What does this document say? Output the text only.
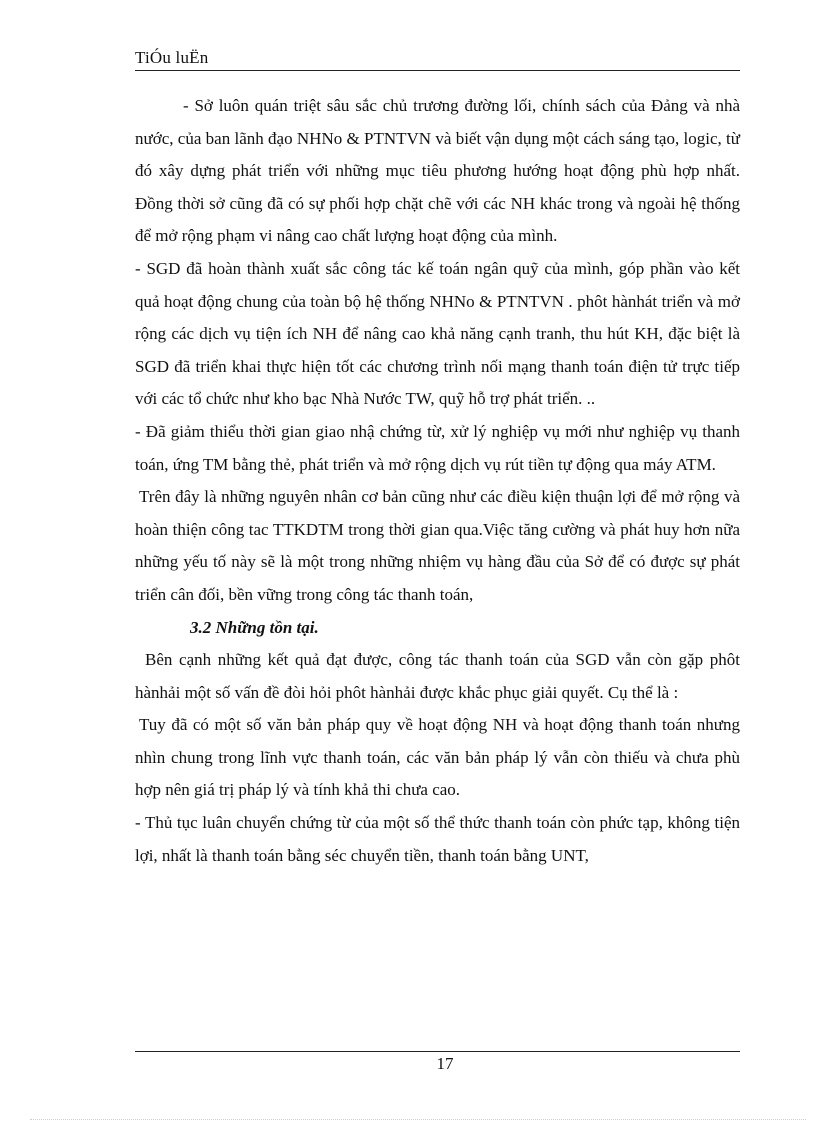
TiÓu luËn

- Sở luôn quán triệt sâu sắc chủ trương đường lối, chính sách của Đảng và nhà nước, của ban lãnh đạo NHNo & PTNTVN và biết vận dụng một cách sáng tạo, logic, từ đó xây dựng phát triển với những mục tiêu phương hướng hoạt động phù hợp nhất. Đồng thời sở cũng đã có sự phối hợp chặt chẽ với các NH khác trong và ngoài hệ thống để mở rộng phạm vi nâng cao chất lượng hoạt động của mình.

- SGD đã hoàn thành xuất sắc công tác kế toán ngân quỹ của mình, góp phần vào kết quả hoạt động chung của toàn bộ hệ thống NHNo & PTNTVN . phôt hànhát triển và mở rộng các dịch vụ tiện ích NH để nâng cao khả năng cạnh tranh, thu hút KH, đặc biệt là SGD đã triển khai thực hiện tốt các chương trình nối mạng thanh toán điện tử trực tiếp với các tổ chức như kho bạc Nhà Nước TW, quỹ hỗ trợ phát triển. ..

- Đã giảm thiểu thời gian giao nhậ chứng từ, xử lý nghiệp vụ mới như nghiệp vụ thanh toán, ứng TM bằng thẻ, phát triển và mở rộng dịch vụ rút tiền tự động qua máy ATM.

Trên đây là những nguyên nhân cơ bản cũng như các điều kiện thuận lợi để mở rộng và hoàn thiện công tac TTKDTM trong thời gian qua.Việc tăng cường và phát huy hơn nữa những yếu tố này sẽ là một trong những nhiệm vụ hàng đầu của Sở để có được sự phát triển cân đối, bền vững trong công tác thanh toán,

3.2 Những tồn tại.

Bên cạnh những kết quả đạt được, công tác thanh toán của SGD vẫn còn gặp phôt hànhải một số vấn đề đòi hỏi phôt hànhải được khắc phục giải quyết. Cụ thể là :

Tuy đã có một số văn bản pháp quy về hoạt động NH và hoạt động thanh toán nhưng nhìn chung trong lĩnh vực thanh toán, các văn bản pháp lý vẫn còn thiếu và chưa phù hợp nên giá trị pháp lý và tính khả thi chưa cao.

- Thủ tục luân chuyển chứng từ của một số thể thức thanh toán còn phức tạp, không tiện lợi, nhất là thanh toán bằng séc chuyển tiền, thanh toán bằng UNT,

17
